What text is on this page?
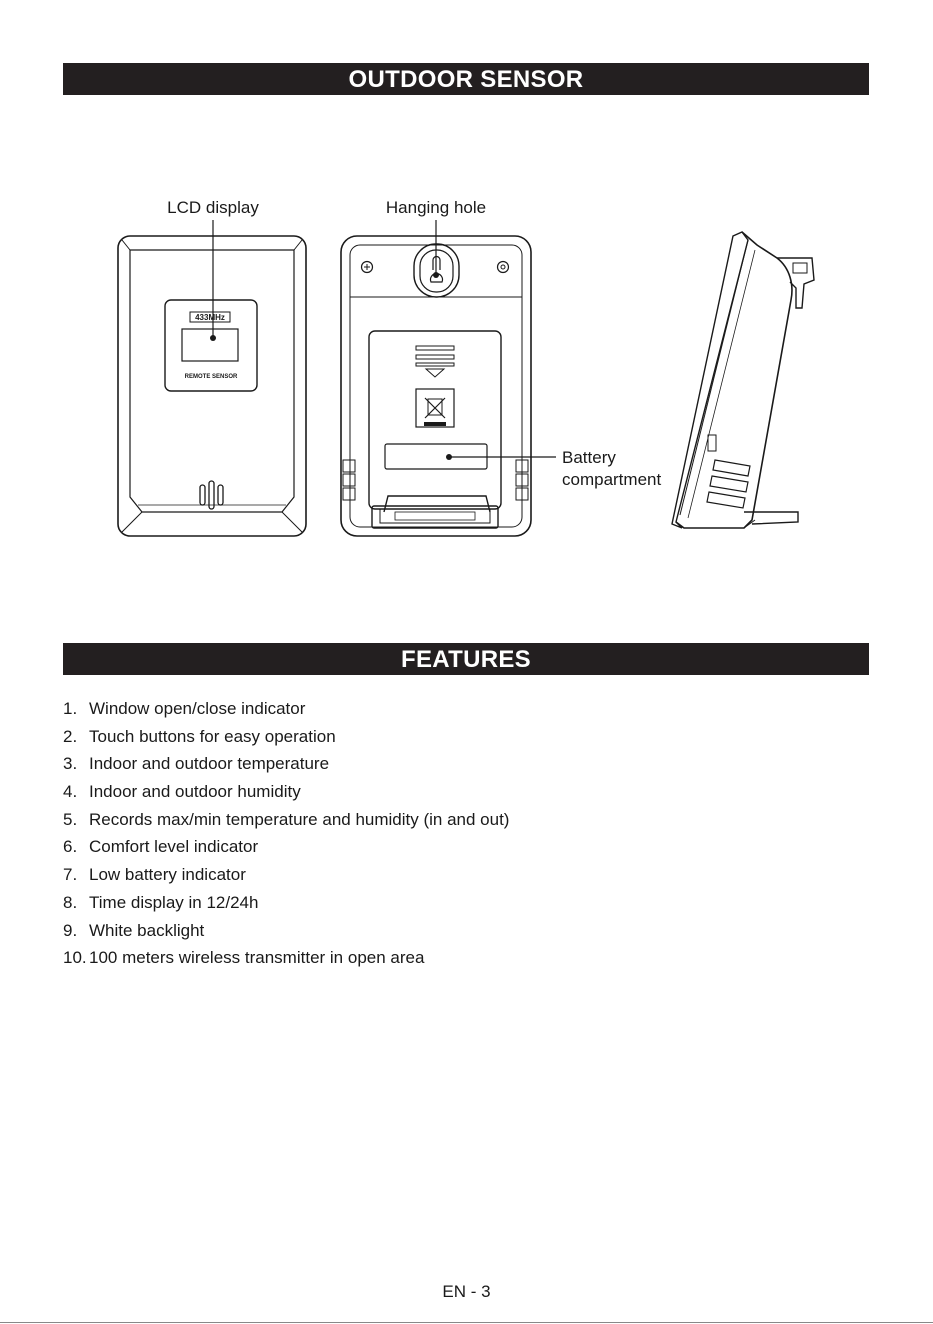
OUTDOOR SENSOR
433MHz
REMOTE SENSOR
LCD display	Hanging hole
Battery
compartment
FEATURES
1. Window open/close indicator
2. Touch buttons for easy operation
3. Indoor and outdoor temperature
4. Indoor and outdoor humidity
5. Records max/min temperature and humidity (in and out)
6. Comfort level indicator
7. Low battery indicator
8. Time display in 12/24h
9. White backlight
10. 100 meters wireless transmitter in open area
EN - 3
